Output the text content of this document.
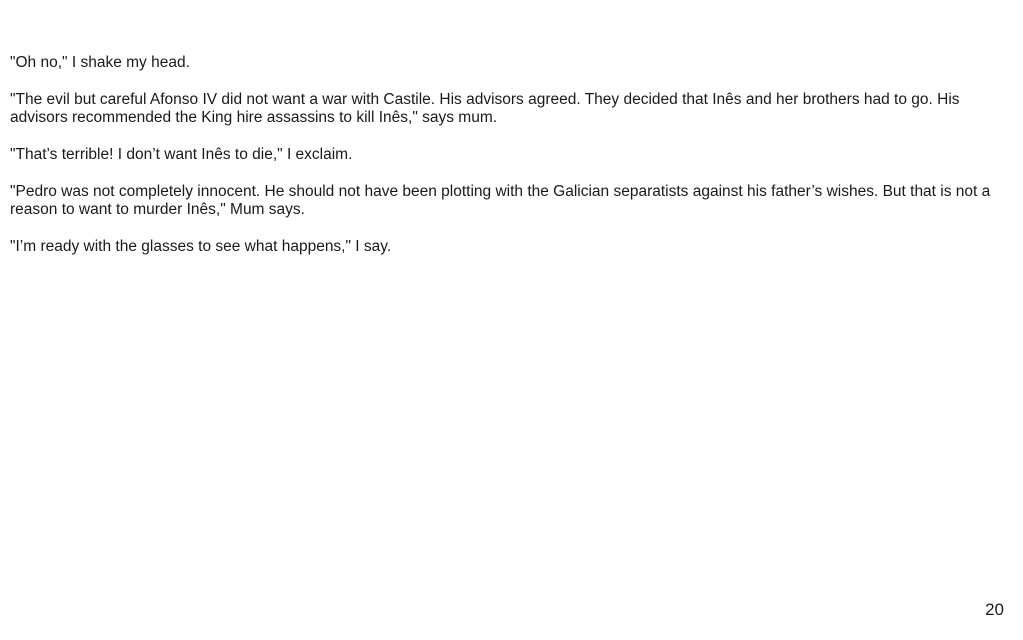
"Oh no," I shake my head.

"The evil but careful Afonso IV did not want a war with Castile. His advisors agreed. They decided that Inês and her brothers had to go. His advisors recommended the King hire assassins to kill Inês," says mum.

"That’s terrible! I don’t want Inês to die," I exclaim.

"Pedro was not completely innocent. He should not have been plotting with the Galician separatists against his father’s wishes. But that is not a reason to want to murder Inês," Mum says.

"I’m ready with the glasses to see what happens," I say.

20
